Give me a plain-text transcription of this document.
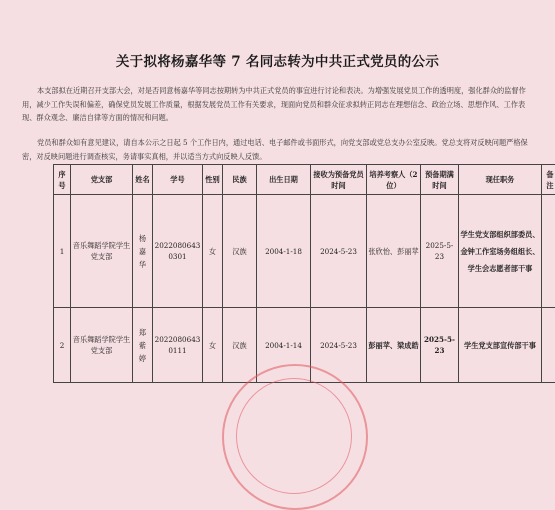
关于拟将杨嘉华等 7 名同志转为中共正式党员的公示
本支部拟在近期召开支部大会，对是否同意杨嘉华等同志按期转为中共正式党员的事宜进行讨论和表决。为增强发展党员工作的透明度，强化群众的监督作用，减少工作失误和偏差，确保党员发展工作质量，根据发展党员工作有关要求，现面向党员和群众征求拟转正同志在理想信念、政治立场、思想作风、工作表现、群众观念、廉洁自律等方面的情况和问题。
党员和群众如有意见建议，请自本公示之日起 5 个工作日内，通过电话、电子邮件或书面形式，向党支部或党总支办公室反映。党总支将对反映问题严格保密，对反映问题进行调查核实，务请事实真相，并以适当方式向反映人反馈。
序号	党支部	姓名	学号	性别	民族	出生日期	接收为预备党员时间	培养考察人（2位）	预备期满时间	现任职务	备注
1	音乐舞蹈学院学生党支部	杨嘉华	20220806430301	女	汉族	2004-1-18	2024-5-23	张欣怡、彭丽苹	2025-5-23	学生党支部组织部委员、金钟工作室场务组组长、学生会志愿者部干事	
2	音乐舞蹈学院学生党支部	郑紫婷	20220806430111	女	汉族	2004-1-14	2024-5-23	彭丽苹、梁成皓	2025-5-23	学生党支部宣传部干事	
